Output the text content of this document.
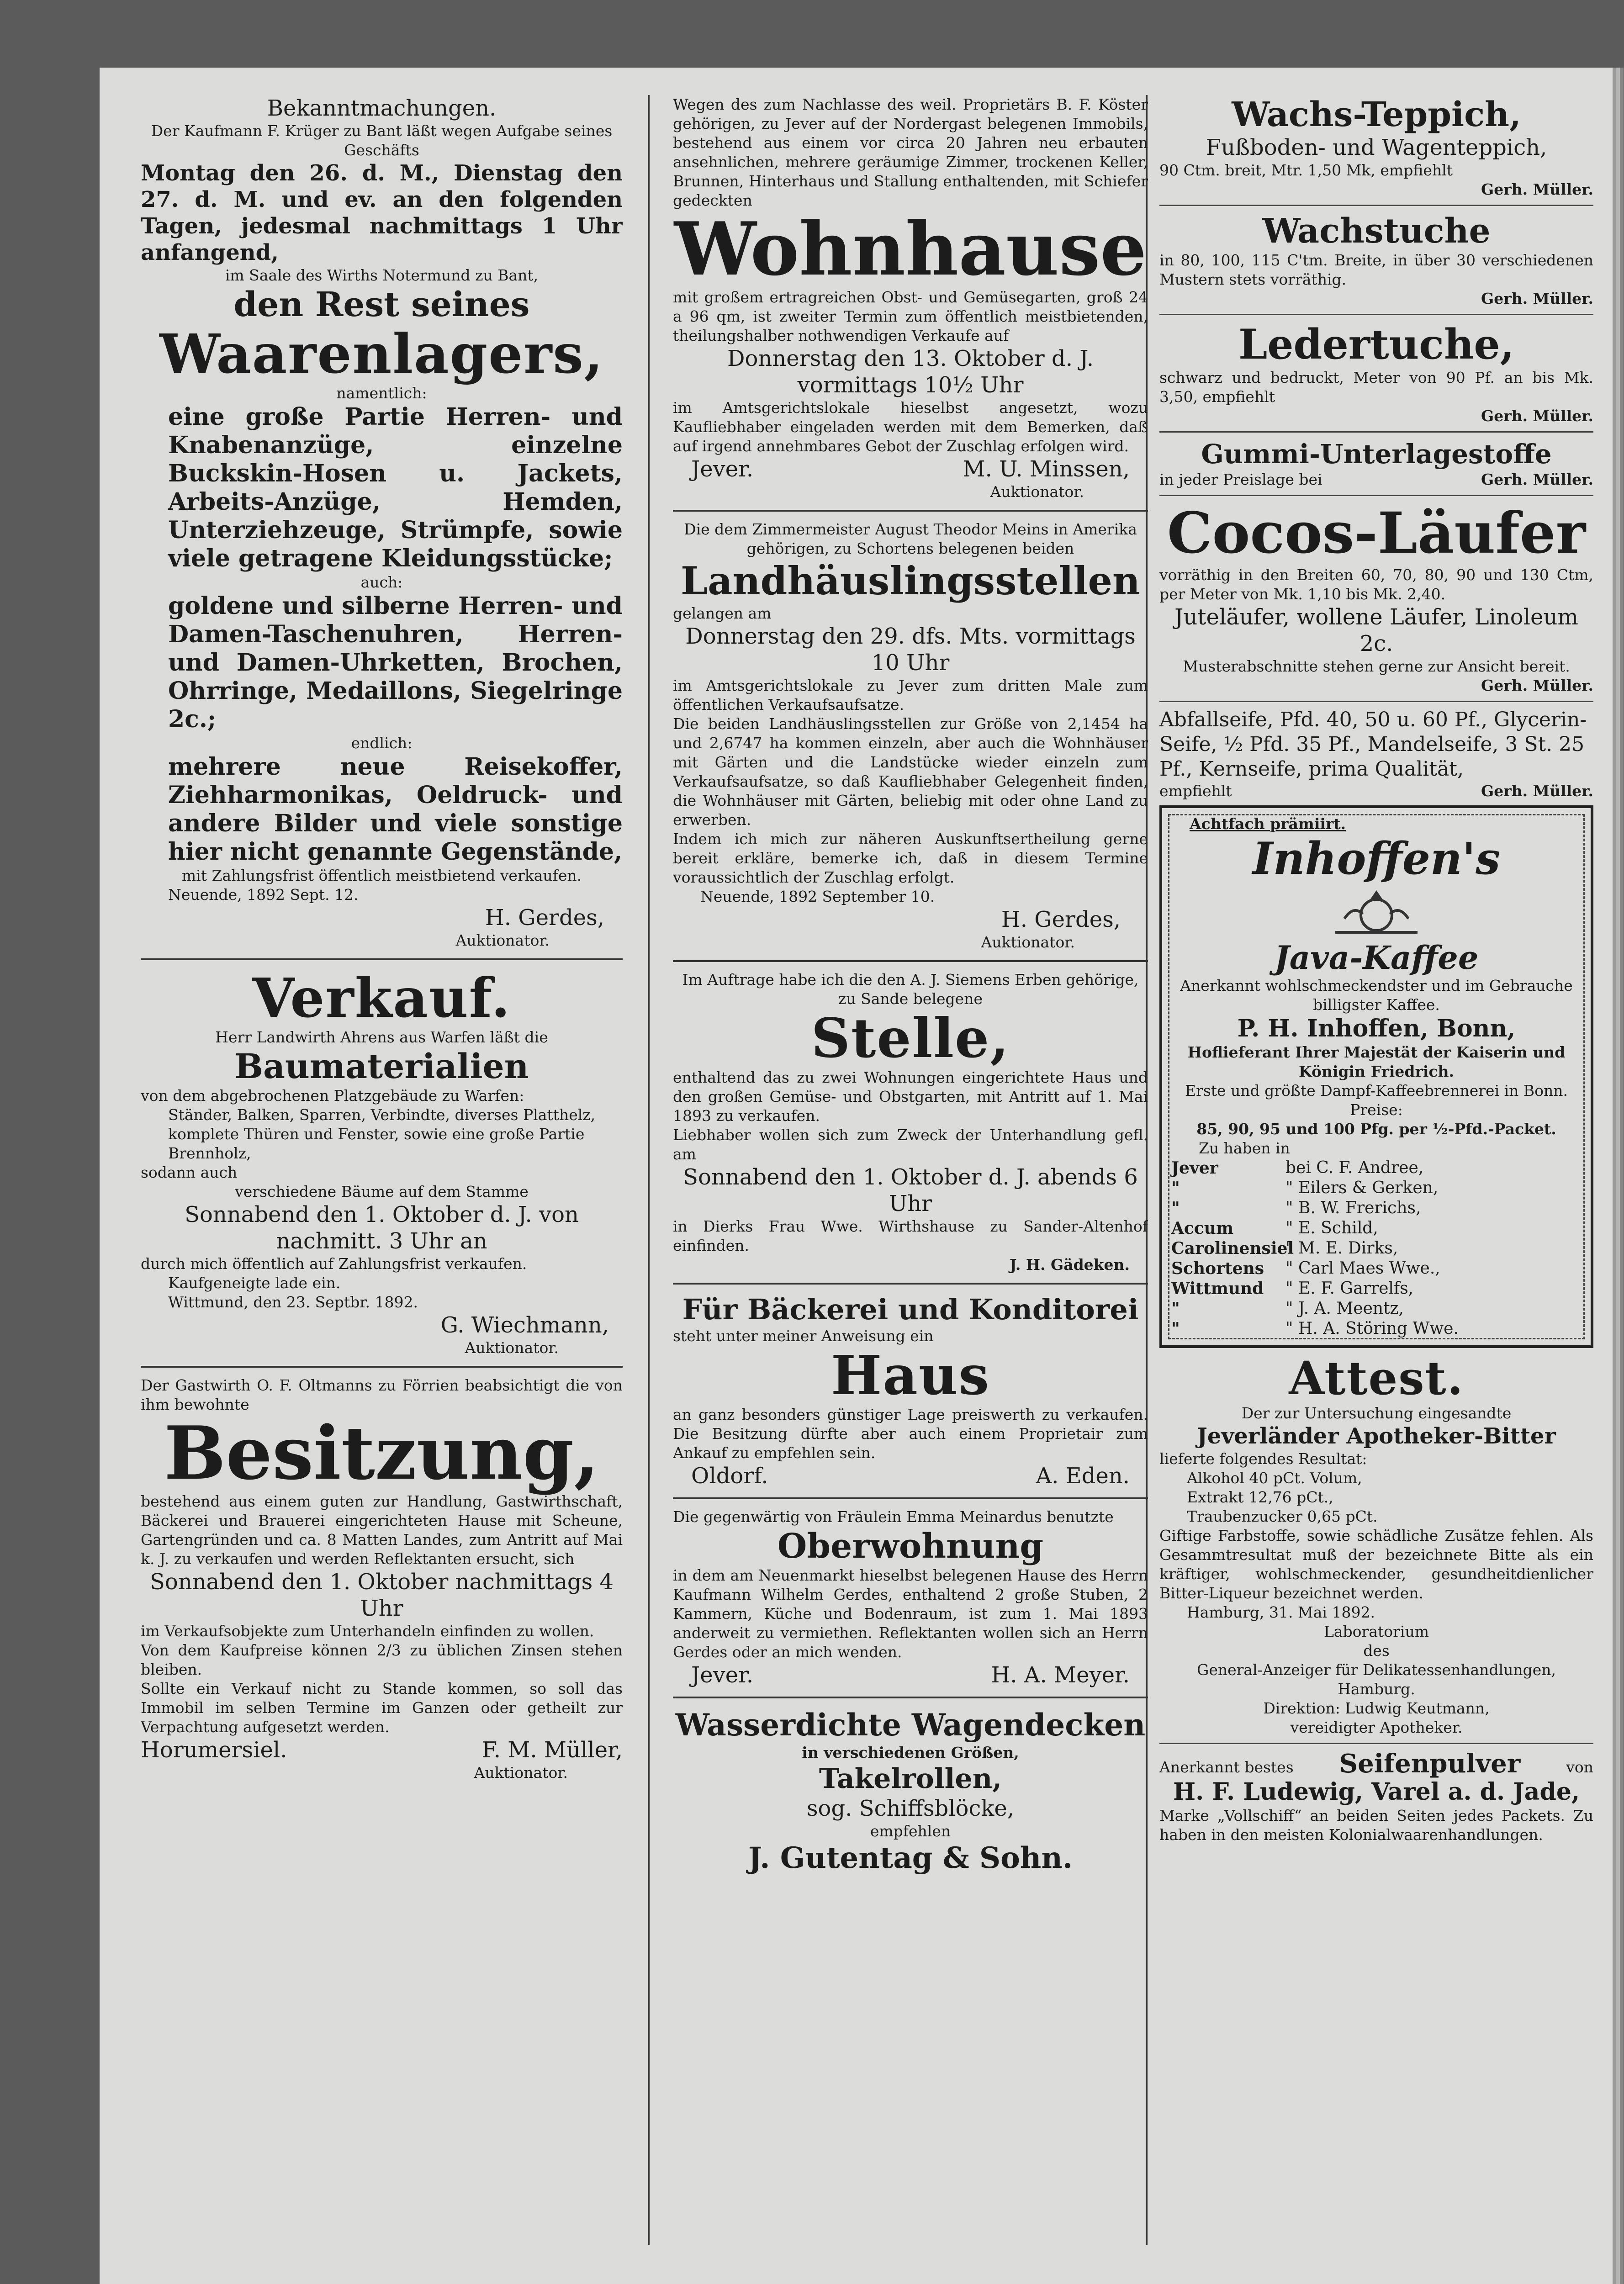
Bekanntmachungen.
Der Kaufmann F. Krüger zu Bant läßt wegen Aufgabe seines Geschäfts
Montag den 26. d. M., Dienstag den 27. d. M. und ev. an den folgenden Tagen, jedesmal nachmittags 1 Uhr anfangend,
im Saale des Wirths Notermund zu Bant,
den Rest seines
Waarenlagers,
namentlich:
eine große Partie Herren- und Knabenanzüge, einzelne Buckskin-Hosen u. Jackets, Arbeits-Anzüge, Hemden, Unterziehzeuge, Strümpfe, sowie viele getragene Kleidungsstücke;
auch:
goldene und silberne Herren- und Damen-Taschenuhren, Herren- und Damen-Uhrketten, Brochen, Ohrringe, Medaillons, Siegelringe 2c.;
endlich:
mehrere neue Reisekoffer, Ziehharmonikas, Oeldruck- und andere Bilder und viele sonstige hier nicht genannte Gegenstände,
mit Zahlungsfrist öffentlich meistbietend verkaufen.
Neuende, 1892 Sept. 12.
H. Gerdes,
Auktionator.
Verkauf.
Herr Landwirth Ahrens aus Warfen läßt die
Baumaterialien
von dem abgebrochenen Platzgebäude zu Warfen:
Ständer, Balken, Sparren, Verbindte, diverses Platthelz, komplete Thüren und Fenster, sowie eine große Partie Brennholz,
sodann auch
verschiedene Bäume auf dem Stamme
Sonnabend den 1. Oktober d. J. von nachmitt. 3 Uhr an
durch mich öffentlich auf Zahlungsfrist verkaufen.
Kaufgeneigte lade ein.
Wittmund, den 23. Septbr. 1892.
G. Wiechmann,
Auktionator.
Der Gastwirth O. F. Oltmanns zu Förrien beabsichtigt die von ihm bewohnte
Besitzung,
bestehend aus einem guten zur Handlung, Gastwirthschaft, Bäckerei und Brauerei eingerichteten Hause mit Scheune, Gartengründen und ca. 8 Matten Landes, zum Antritt auf Mai k. J. zu verkaufen und werden Reflektanten ersucht, sich
Sonnabend den 1. Oktober nachmittags 4 Uhr
im Verkaufsobjekte zum Unterhandeln einfinden zu wollen.
Von dem Kaufpreise können 2/3 zu üblichen Zinsen stehen bleiben.
Sollte ein Verkauf nicht zu Stande kommen, so soll das Immobil im selben Termine im Ganzen oder getheilt zur Verpachtung aufgesetzt werden.
Horumersiel.	F. M. Müller,
Auktionator.
Wegen des zum Nachlasse des weil. Proprietärs B. F. Köster gehörigen, zu Jever auf der Nordergast belegenen Immobils, bestehend aus einem vor circa 20 Jahren neu erbauten ansehnlichen, mehrere geräumige Zimmer, trockenen Keller, Brunnen, Hinterhaus und Stallung enthaltenden, mit Schiefer gedeckten
Wohnhause
mit großem ertragreichen Obst- und Gemüsegarten, groß 24 a 96 qm, ist zweiter Termin zum öffentlich meistbietenden, theilungshalber nothwendigen Verkaufe auf
Donnerstag den 13. Oktober d. J. vormittags 10½ Uhr
im Amtsgerichtslokale hieselbst angesetzt, wozu Kaufliebhaber eingeladen werden mit dem Bemerken, daß auf irgend annehmbares Gebot der Zuschlag erfolgen wird.
Jever.	M. U. Minssen,
Auktionator.
Die dem Zimmermeister August Theodor Meins in Amerika gehörigen, zu Schortens belegenen beiden
Landhäuslingsstellen
gelangen am
Donnerstag den 29. dfs. Mts. vormittags 10 Uhr
im Amtsgerichtslokale zu Jever zum dritten Male zum öffentlichen Verkaufsaufsatze.
Die beiden Landhäuslingsstellen zur Größe von 2,1454 ha und 2,6747 ha kommen einzeln, aber auch die Wohnhäuser mit Gärten und die Landstücke wieder einzeln zum Verkaufsaufsatze, so daß Kaufliebhaber Gelegenheit finden, die Wohnhäuser mit Gärten, beliebig mit oder ohne Land zu erwerben.
Indem ich mich zur näheren Auskunftsertheilung gerne bereit erkläre, bemerke ich, daß in diesem Termine voraussichtlich der Zuschlag erfolgt.
Neuende, 1892 September 10.
H. Gerdes,
Auktionator.
Im Auftrage habe ich die den A. J. Siemens Erben gehörige, zu Sande belegene
Stelle,
enthaltend das zu zwei Wohnungen eingerichtete Haus und den großen Gemüse- und Obstgarten, mit Antritt auf 1. Mai 1893 zu verkaufen.
Liebhaber wollen sich zum Zweck der Unterhandlung gefl. am
Sonnabend den 1. Oktober d. J. abends 6 Uhr
in Dierks Frau Wwe. Wirthshause zu Sander-Altenhof einfinden.
J. H. Gädeken.
Für Bäckerei und Konditorei
steht unter meiner Anweisung ein
Haus
an ganz besonders günstiger Lage preiswerth zu verkaufen. Die Besitzung dürfte aber auch einem Proprietair zum Ankauf zu empfehlen sein.
Oldorf.	A. Eden.
Die gegenwärtig von Fräulein Emma Meinardus benutzte
Oberwohnung
in dem am Neuenmarkt hieselbst belegenen Hause des Herrn Kaufmann Wilhelm Gerdes, enthaltend 2 große Stuben, 2 Kammern, Küche und Bodenraum, ist zum 1. Mai 1893 anderweit zu vermiethen. Reflektanten wollen sich an Herrn Gerdes oder an mich wenden.
Jever.	H. A. Meyer.
Wasserdichte Wagendecken
in verschiedenen Größen,
Takelrollen,
sog. Schiffsblöcke,
empfehlen
J. Gutentag & Sohn.
Wachs-Teppich,
Fußboden- und Wagenteppich,
90 Ctm. breit, Mtr. 1,50 Mk, empfiehlt
Gerh. Müller.
Wachstuche
in 80, 100, 115 C'tm. Breite, in über 30 verschiedenen Mustern stets vorräthig.
Gerh. Müller.
Ledertuche,
schwarz und bedruckt, Meter von 90 Pf. an bis Mk. 3,50, empfiehlt
Gerh. Müller.
Gummi-Unterlagestoffe
in jeder Preislage bei	Gerh. Müller.
Cocos-Läufer
vorräthig in den Breiten 60, 70, 80, 90 und 130 Ctm, per Meter von Mk. 1,10 bis Mk. 2,40.
Juteläufer, wollene Läufer, Linoleum 2c.
Musterabschnitte stehen gerne zur Ansicht bereit.
Gerh. Müller.
Abfallseife, Pfd. 40, 50 u. 60 Pf., Glycerin-Seife, ½ Pfd. 35 Pf., Mandelseife, 3 St. 25 Pf., Kernseife, prima Qualität,
empfiehlt	Gerh. Müller.
Achtfach prämiirt.
Inhoffen's
Java-Kaffee
Anerkannt wohlschmeckendster und im Gebrauche billigster Kaffee.
P. H. Inhoffen, Bonn,
Hoflieferant Ihrer Majestät der Kaiserin und Königin Friedrich.
Erste und größte Dampf-Kaffeebrennerei in Bonn.
Preise:
85, 90, 95 und 100 Pfg. per ½-Pfd.-Packet.
Zu haben in
Jever	bei C. F. Andree,
"	" Eilers & Gerken,
"	" B. W. Frerichs,
Accum	" E. Schild,
Carolinensiel
" M. E. Dirks,
Schortens	" Carl Maes Wwe.,
Wittmund	" E. F. Garrelfs,
"	" J. A. Meentz,
"	" H. A. Störing Wwe.
Attest.
Der zur Untersuchung eingesandte
Jeverländer Apotheker-Bitter
lieferte folgendes Resultat:
Alkohol 40 pCt. Volum,
Extrakt 12,76 pCt.,
Traubenzucker 0,65 pCt.
Giftige Farbstoffe, sowie schädliche Zusätze fehlen. Als Gesammtresultat muß der bezeichnete Bitte als ein kräftiger, wohlschmeckender, gesundheitdienlicher Bitter-Liqueur bezeichnet werden.
Hamburg, 31. Mai 1892.
Laboratorium
des
General-Anzeiger für Delikatessenhandlungen, Hamburg.
Direktion: Ludwig Keutmann,
vereidigter Apotheker.
Anerkannt bestes Seifenpulver	von
H. F. Ludewig, Varel a. d. Jade,
Marke „Vollschiff“ an beiden Seiten jedes Packets. Zu haben in den meisten Kolonialwaarenhandlungen.
